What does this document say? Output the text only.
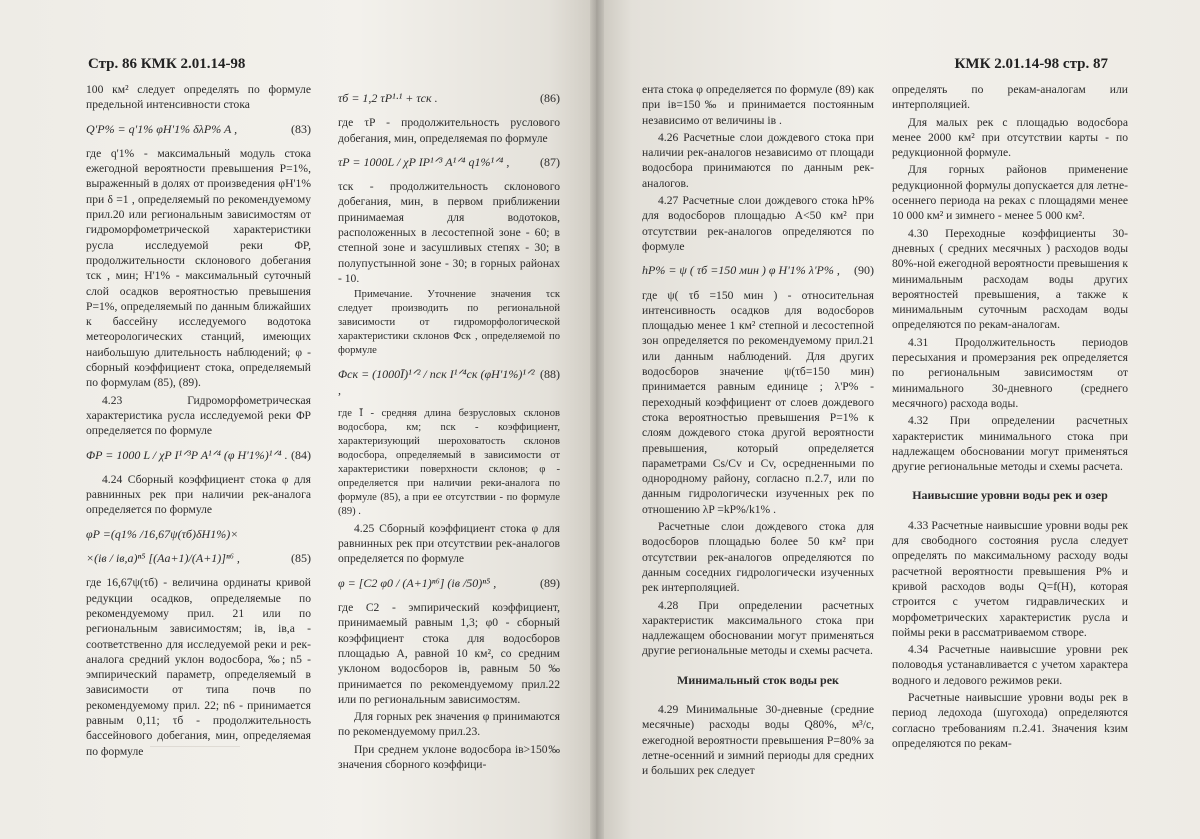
Стр. 86 КМК 2.01.14-98

100 км² следует определять по формуле предельной интенсивности стока

Q'P% = q'1% φH'1% δλP% A ,	(83)

где q'1% - максимальный модуль стока ежегодной вероятности превышения P=1%, выраженный в долях от произведения φH'1% при δ =1 , определяемый по рекомендуемому прил.20 или региональным зависимостям от гидроморфометрической характеристики русла исследуемой реки ΦP, продолжительности склонового добегания τск , мин; H'1% - максимальный суточный слой осадков вероятностью превышения P=1%, определяемый по данным ближайших к бассейну исследуемого водотока метеорологических станций, имеющих наибольшую длительность наблюдений; φ - сборный коэффициент стока, определяемый по формулам (85), (89).

4.23 Гидроморфометрическая характеристика русла исследуемой реки ΦP определяется по формуле

ΦP = 1000 L / χP I¹ᐟ³P A¹ᐟ⁴ (φ H'1%)¹ᐟ⁴ . (84)

4.24 Сборный коэффициент стока φ для равнинных рек при наличии рек-аналога определяется по формуле

φP =(q1% /16,67ψ(τб)δH1%)×
×(iв / iв,а)ⁿ⁵ [(Aа+1)/(A+1)]ⁿ⁶ ,	(85)

где 16,67ψ(τб) - величина ординаты кривой редукции осадков, определяемые по рекомендуемому прил. 21 или по региональным зависимостям; iв, iв,а - соответственно для исследуемой реки и рек-аналога средний уклон водосбора, ‰; n5 - эмпирический параметр, определяемый в зависимости от типа почв по рекомендуемому прил. 22; n6 - принимается равным 0,11; τб - продолжительность бассейнового добегания, мин, определяемая по формуле

τб = 1,2 τP¹·¹ + τск .	(86)

где τP - продолжительность руслового добегания, мин, определяемая по формуле

τP = 1000L / χP IP¹ᐟ³ A¹ᐟ⁴ q1%¹ᐟ⁴ ,	(87)

τск - продолжительность склонового добегания, мин, в первом приближении принимаемая для водотоков, расположенных в лесостепной зоне - 60; в степной зоне и засушливых степях - 30; в полупустынной зоне - 30; в горных районах - 10.

Примечание. Уточнение значения τск следует производить по региональной зависимости от гидроморфологической характеристики склонов Φск , определяемой по формуле

Φск = (1000Ī)¹ᐟ² / nск I¹ᐟ⁴ск (φH'1%)¹ᐟ² ,
(88)

где Ī - средняя длина безрусловых склонов водосбора, км; nск - коэффициент, характеризующий шероховатость склонов водосбора, определяемый в зависимости от характеристики поверхности склонов; φ - определяется при наличии реки-аналога по формуле (85), а при ее отсутствии - по формуле (89) .

4.25 Сборный коэффициент стока φ для равнинных рек при отсутствии рек-аналогов определяется по формуле

φ = [C2 φ0 / (A+1)ⁿ⁶] (iв /50)ⁿ⁵ ,	(89)

где C2 - эмпирический коэффициент, принимаемый равным 1,3; φ0 - сборный коэффициент стока для водосборов площадью A, равной 10 км², со средним уклоном водосборов iв, равным 50‰ принимается по рекомендуемому прил.22 или по региональным зависимостям.

Для горных рек значения φ принимаются по рекомендуемому прил.23.

При среднем уклоне водосбора iв>150‰ значения сборного коэффици-

КМК 2.01.14-98 стр. 87

ента стока φ определяется по формуле (89) как при iв=150‰ и принимается постоянным независимо от величины iв .

4.26 Расчетные слои дождевого стока при наличии рек-аналогов независимо от площади водосбора принимаются по данным рек-аналогов.

4.27 Расчетные слои дождевого стока hP% для водосборов площадью A<50 км² при отсутствии рек-аналогов определяются по формуле

hP% = ψ ( τб =150 мин ) φ H'1% λ'P% , (90)

где ψ( τб =150 мин ) - относительная интенсивность осадков для водосборов площадью менее 1 км² степной и лесостепной зон определяется по рекомендуемому прил.21 или данным наблюдений. Для других водосборов значение ψ(τб=150 мин) принимается равным единице ; λ'P% - переходный коэффициент от слоев дождевого стока вероятностью превышения P=1% к слоям дождевого стока другой вероятности превышения, который определяется параметрами Cs/Cv и Cv, осредненными по однородному району, согласно п.2.7, или по данным гидрологически изученных рек по отношению λP =kP%/k1% .

Расчетные слои дождевого стока для водосборов площадью более 50 км² при отсутствии рек-аналогов определяются по данным соседних гидрологически изученных рек интерполяцией.

4.28 При определении расчетных характеристик максимального стока при надлежащем обосновании могут применяться другие региональные методы и схемы расчета.

Минимальный сток воды рек

4.29 Минимальные 30-дневные (средние месячные) расходы воды Q80%, м³/с, ежегодной вероятности превышения P=80% за летне-осенний и зимний периоды для средних и больших рек следует

определять по рекам-аналогам или интерполяцией.

Для малых рек с площадью водосбора менее 2000 км² при отсутствии карты - по редукционной формуле.

Для горных районов применение редукционной формулы допускается для летне-осеннего периода на реках с площадями менее 10 000 км² и зимнего - менее 5 000 км².

4.30 Переходные коэффициенты 30-дневных ( средних месячных ) расходов воды 80%-ной ежегодной вероятности превышения к минимальным расходам воды других вероятностей превышения, а также к минимальным суточным расходам воды определяются по рекам-аналогам.

4.31 Продолжительность периодов пересыхания и промерзания рек определяется по региональным зависимостям от минимального 30-дневного (среднего месячного) расхода воды.

4.32 При определении расчетных характеристик минимального стока при надлежащем обосновании могут применяться другие региональные методы и схемы расчета.

Наивысшие уровни воды рек и озер

4.33 Расчетные наивысшие уровни воды рек для свободного состояния русла следует определять по максимальному расходу воды расчетной вероятности превышения P% и кривой расходов воды Q=f(H), которая строится с учетом гидравлических и морфометрических характеристик русла и поймы реки в рассматриваемом створе.

4.34 Расчетные наивысшие уровни рек половодья устанавливается с учетом характера водного и ледового режимов реки.

Расчетные наивысшие уровни воды рек в период ледохода (шугохода) определяются согласно требованиям п.2.41. Значения kзим определяются по рекам-
